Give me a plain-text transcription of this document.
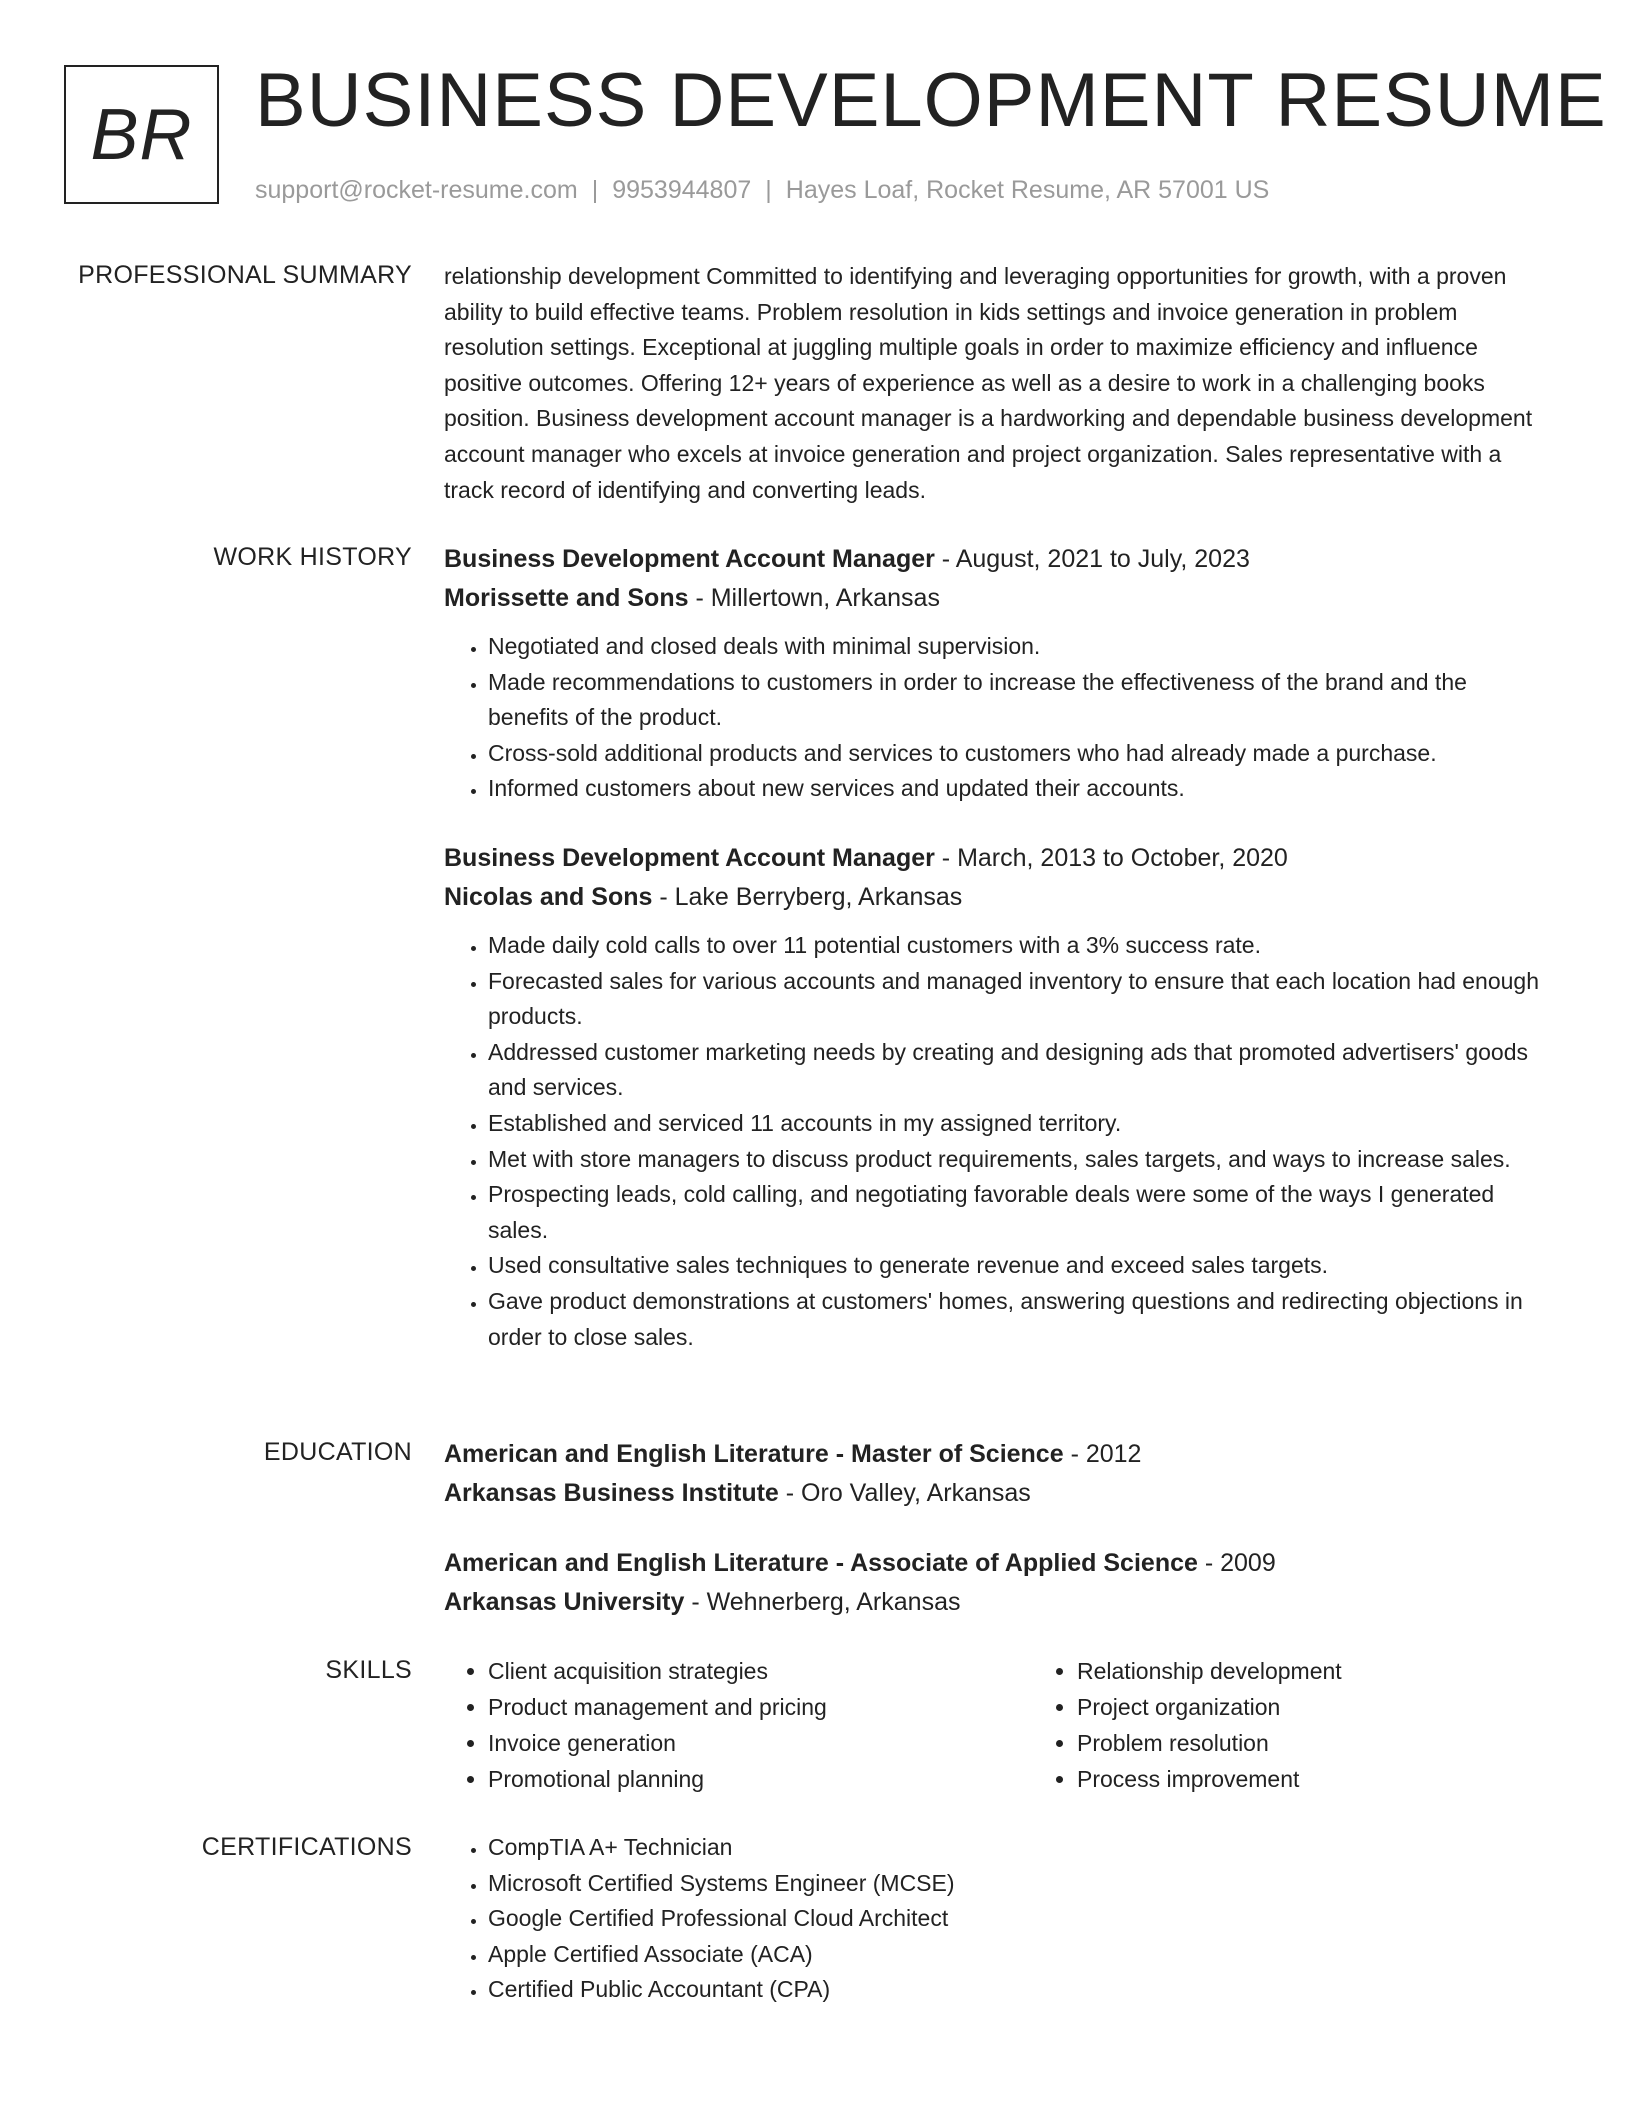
BR BUSINESS DEVELOPMENT RESUME
support@rocket-resume.com | 9953944807 | Hayes Loaf, Rocket Resume, AR 57001 US
PROFESSIONAL SUMMARY relationship development Committed to identifying and leveraging opportunities for growth, with a proven ability to build effective teams. Problem resolution in kids settings and invoice generation in problem resolution settings. Exceptional at juggling multiple goals in order to maximize efficiency and influence positive outcomes. Offering 12+ years of experience as well as a desire to work in a challenging books position. Business development account manager is a hardworking and dependable business development account manager who excels at invoice generation and project organization. Sales representative with a track record of identifying and converting leads.

WORK HISTORY Business Development Account Manager - August, 2021 to July, 2023
Morissette and Sons - Millertown, Arkansas
• Negotiated and closed deals with minimal supervision.
• Made recommendations to customers in order to increase the effectiveness of the brand and the benefits of the product.
• Cross-sold additional products and services to customers who had already made a purchase.
• Informed customers about new services and updated their accounts.
Business Development Account Manager - March, 2013 to October, 2020
Nicolas and Sons - Lake Berryberg, Arkansas
• Made daily cold calls to over 11 potential customers with a 3% success rate.
• Forecasted sales for various accounts and managed inventory to ensure that each location had enough products.
• Addressed customer marketing needs by creating and designing ads that promoted advertisers' goods and services.
• Established and serviced 11 accounts in my assigned territory.
• Met with store managers to discuss product requirements, sales targets, and ways to increase sales.
• Prospecting leads, cold calling, and negotiating favorable deals were some of the ways I generated sales.
• Used consultative sales techniques to generate revenue and exceed sales targets.
• Gave product demonstrations at customers' homes, answering questions and redirecting objections in order to close sales.
EDUCATION American and English Literature - Master of Science - 2012
Arkansas Business Institute - Oro Valley, Arkansas
American and English Literature - Associate of Applied Science - 2009
Arkansas University - Wehnerberg, Arkansas
SKILLS	• Client acquisition strategies
• Product management and pricing
• Invoice generation
• Promotional planning
• Relationship development
• Project organization
• Problem resolution
• Process improvement
CERTIFICATIONS	• CompTIA A+ Technician
• Microsoft Certified Systems Engineer (MCSE)
• Google Certified Professional Cloud Architect
• Apple Certified Associate (ACA)
• Certified Public Accountant (CPA)
